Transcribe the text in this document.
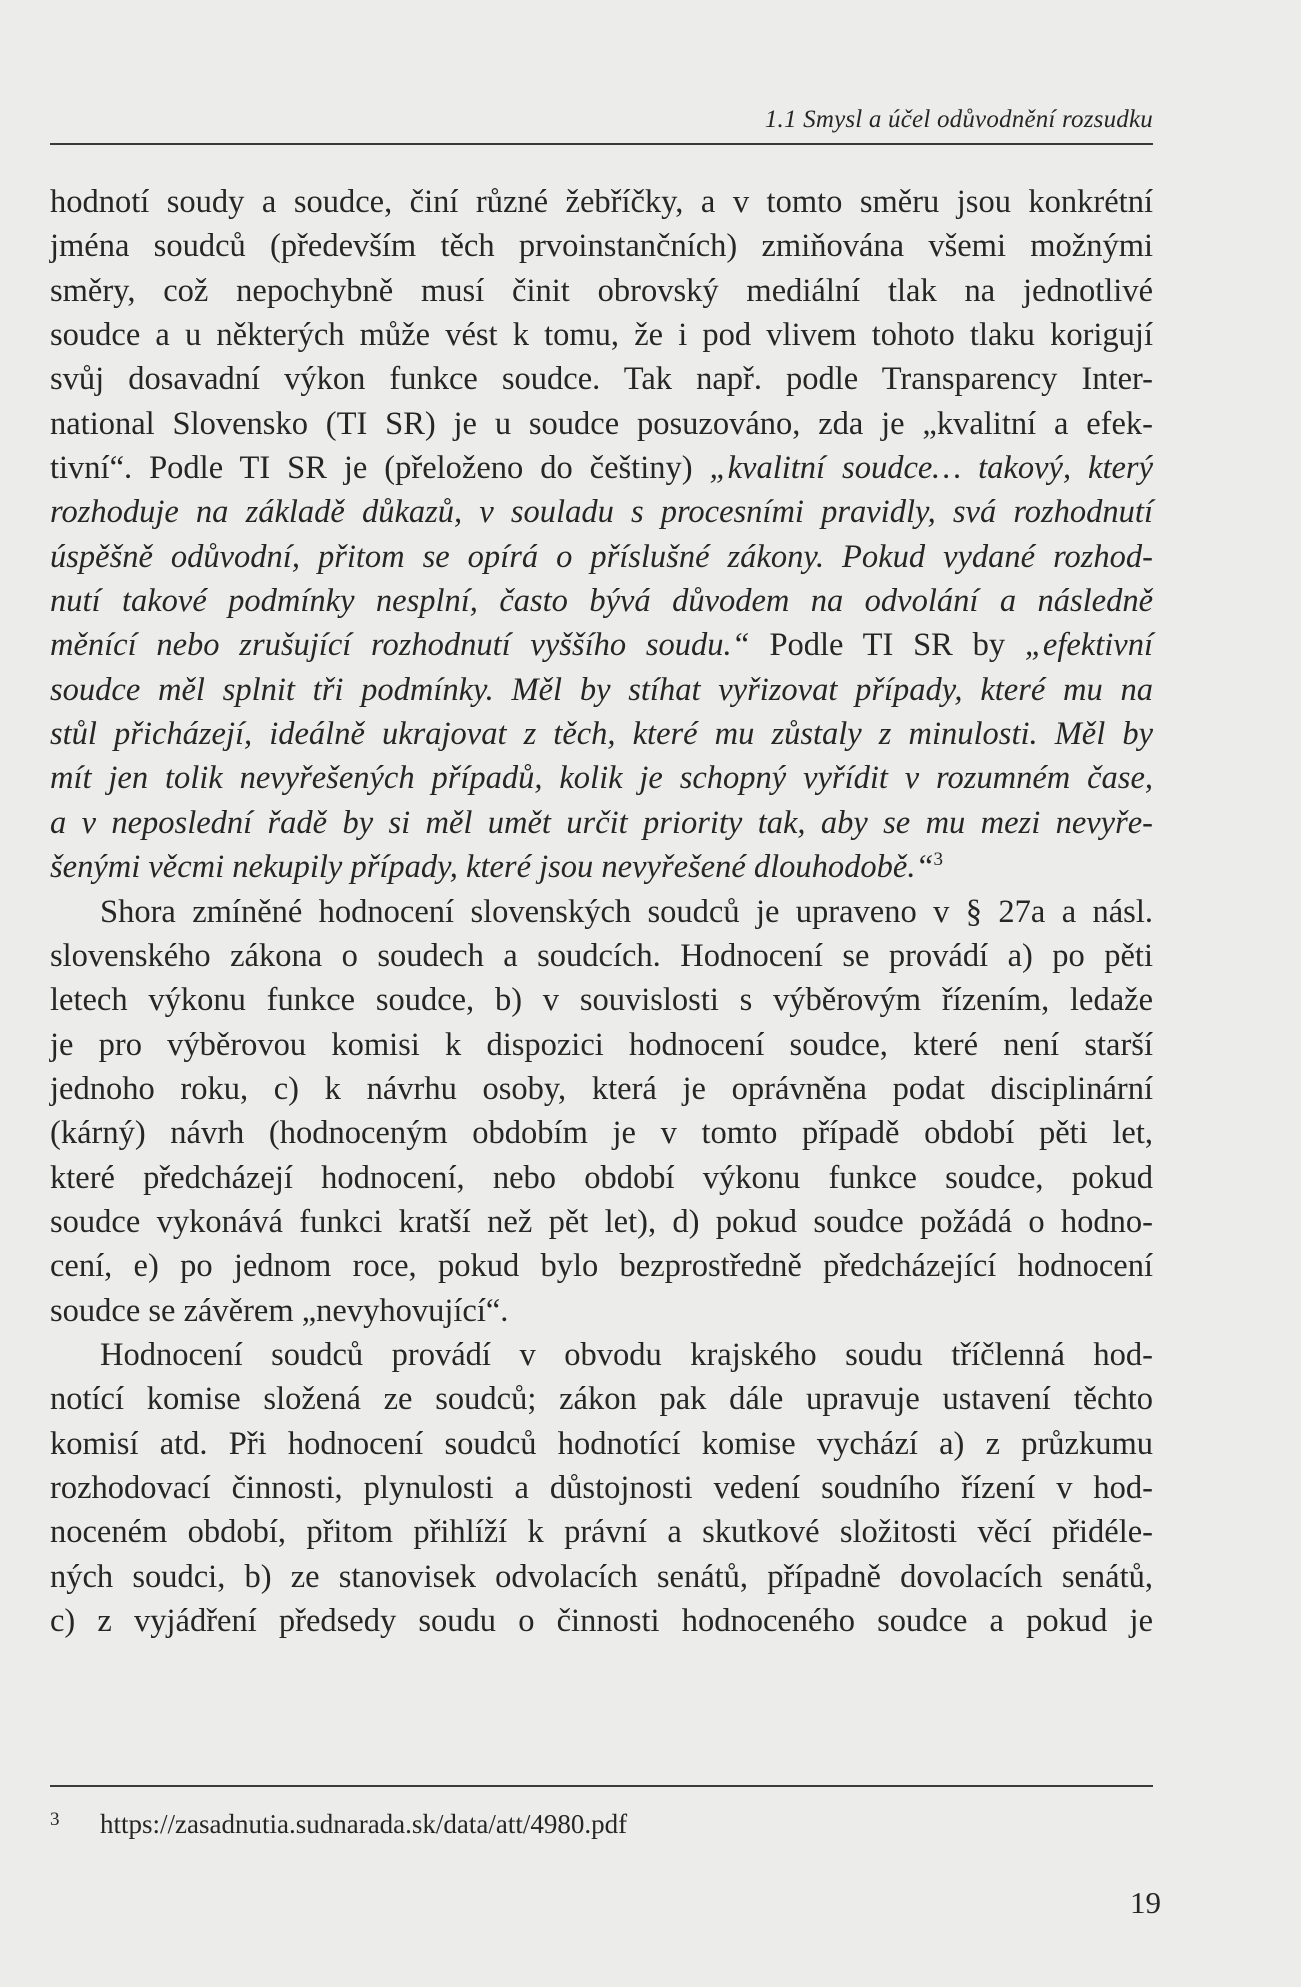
1.1 Smysl a účel odůvodnění rozsudku
hodnotí soudy a soudce, činí různé žebříčky, a v tomto směru jsou konkrétní
jména soudců (především těch prvoinstančních) zmiňována všemi možnými
směry, což nepochybně musí činit obrovský mediální tlak na jednotlivé
soudce a u některých může vést k tomu, že i pod vlivem tohoto tlaku korigují
svůj dosavadní výkon funkce soudce. Tak např. podle Transparency Inter-
national Slovensko (TI SR) je u soudce posuzováno, zda je „kvalitní a efek-
tivní“. Podle TI SR je (přeloženo do češtiny) „kvalitní soudce… takový, který
rozhoduje na základě důkazů, v souladu s procesními pravidly, svá rozhodnutí
úspěšně odůvodní, přitom se opírá o příslušné zákony. Pokud vydané rozhod-
nutí takové podmínky nesplní, často bývá důvodem na odvolání a následně
měnící nebo zrušující rozhodnutí vyššího soudu.“ Podle TI SR by „efektivní
soudce měl splnit tři podmínky. Měl by stíhat vyřizovat případy, které mu na
stůl přicházejí, ideálně ukrajovat z těch, které mu zůstaly z minulosti. Měl by
mít jen tolik nevyřešených případů, kolik je schopný vyřídit v rozumném čase,
a v neposlední řadě by si měl umět určit priority tak, aby se mu mezi nevyře-
šenými věcmi nekupily případy, které jsou nevyřešené dlouhodobě.“$^3$
Shora zmíněné hodnocení slovenských soudců je upraveno v § 27a a násl.
slovenského zákona o soudech a soudcích. Hodnocení se provádí a) po pěti
letech výkonu funkce soudce, b) v souvislosti s výběrovým řízením, ledaže
je pro výběrovou komisi k dispozici hodnocení soudce, které není starší
jednoho roku, c) k návrhu osoby, která je oprávněna podat disciplinární
(kárný) návrh (hodnoceným obdobím je v tomto případě období pěti let,
které předcházejí hodnocení, nebo období výkonu funkce soudce, pokud
soudce vykonává funkci kratší než pět let), d) pokud soudce požádá o hodno-
cení, e) po jednom roce, pokud bylo bezprostředně předcházející hodnocení
soudce se závěrem „nevyhovující“.
Hodnocení soudců provádí v obvodu krajského soudu tříčlenná hod-
notící komise složená ze soudců; zákon pak dále upravuje ustavení těchto
komisí atd. Při hodnocení soudců hodnotící komise vychází a) z průzkumu
rozhodovací činnosti, plynulosti a důstojnosti vedení soudního řízení v hod-
noceném období, přitom přihlíží k právní a skutkové složitosti věcí přidéle-
ných soudci, b) ze stanovisek odvolacích senátů, případně dovolacích senátů,
c) z vyjádření předsedy soudu o činnosti hodnoceného soudce a pokud je
3 https://zasadnutia.sudnarada.sk/data/att/4980.pdf
19
